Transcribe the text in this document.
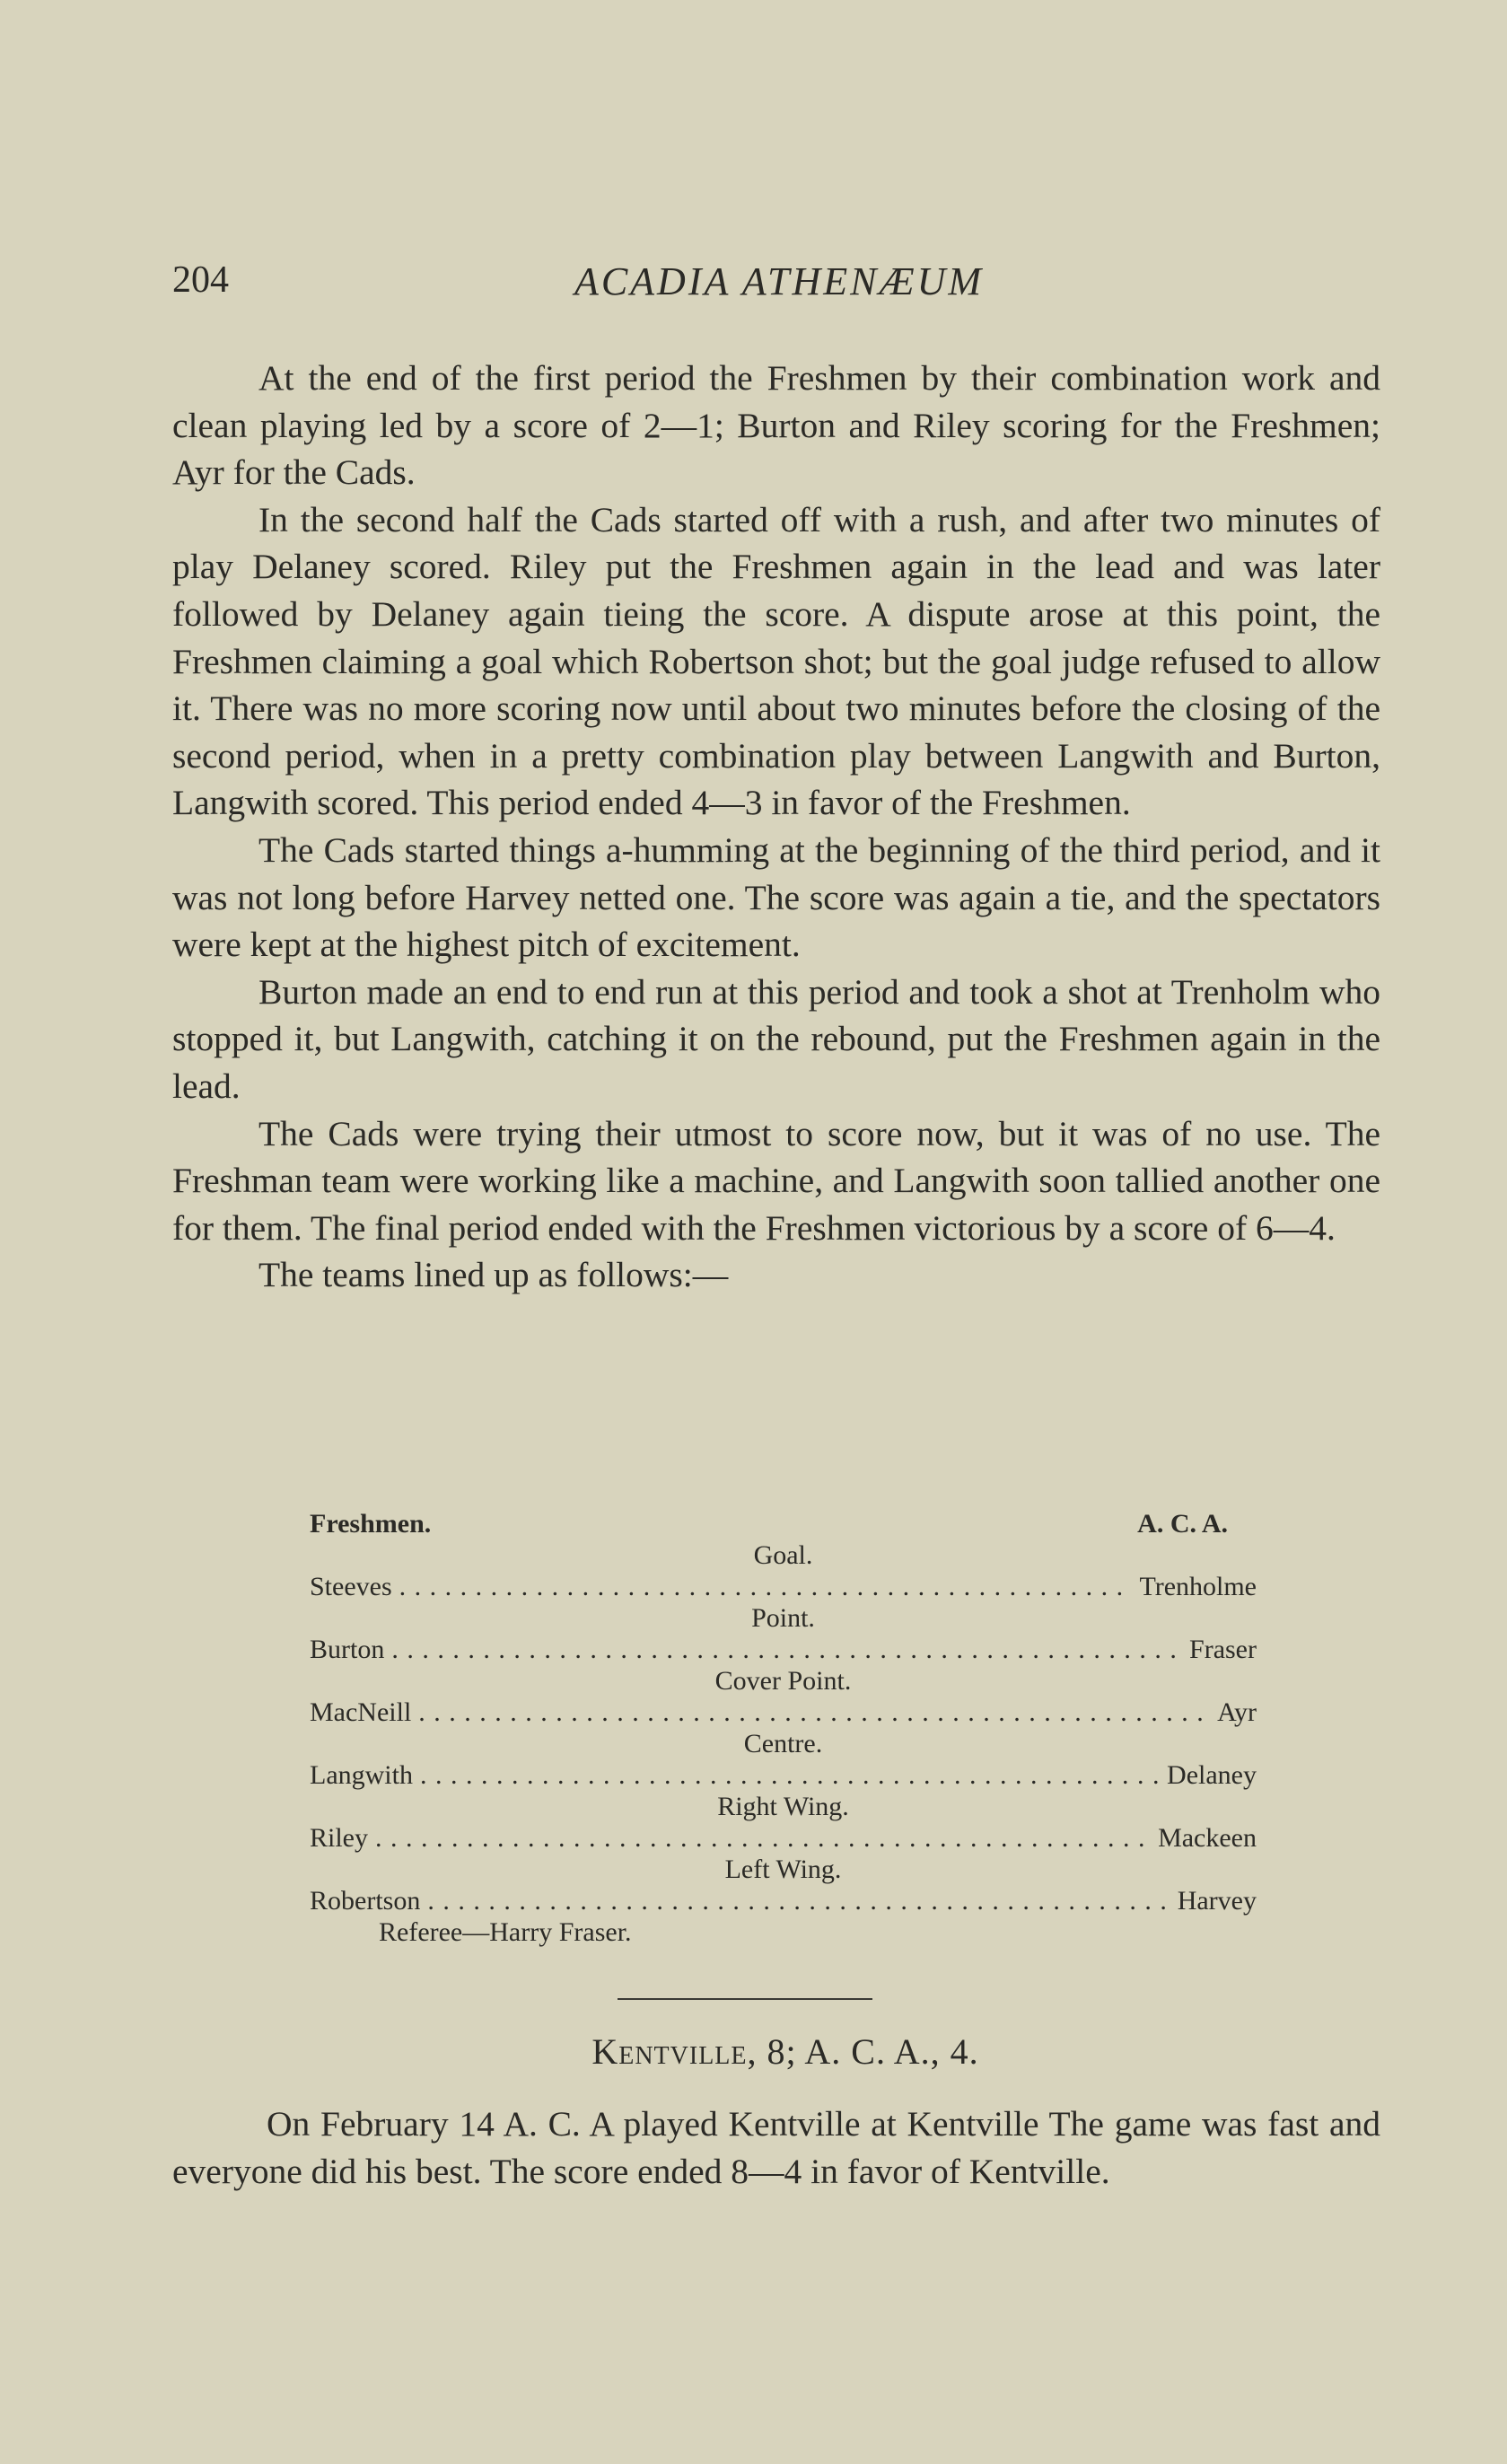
204	ACADIA ATHENÆUM

At the end of the first period the Freshmen by their combination work and clean playing led by a score of 2—1; Burton and Riley scoring for the Freshmen; Ayr for the Cads.

In the second half the Cads started off with a rush, and after two minutes of play Delaney scored. Riley put the Freshmen again in the lead and was later followed by Delaney again tieing the score. A dispute arose at this point, the Freshmen claiming a goal which Robertson shot; but the goal judge refused to allow it. There was no more scoring now until about two minutes before the closing of the second period, when in a pretty combination play between Langwith and Burton, Langwith scored. This period ended 4—3 in favor of the Freshmen.

The Cads started things a-humming at the beginning of the third period, and it was not long before Harvey netted one. The score was again a tie, and the spectators were kept at the highest pitch of excitement.

Burton made an end to end run at this period and took a shot at Trenholm who stopped it, but Langwith, catching it on the rebound, put the Freshmen again in the lead.

The Cads were trying their utmost to score now, but it was of no use. The Freshman team were working like a machine, and Langwith soon tallied another one for them. The final period ended with the Freshmen victorious by a score of 6—4.

The teams lined up as follows:—

Freshmen.	A. C. A.
Goal.
Steeves . . .	Trenholme
Point.
Burton . . .	Fraser
Cover Point.
MacNeill . . .	Ayr
Centre.
Langwith . . .	Delaney
Right Wing.
Riley . . .	Mackeen
Left Wing.
Robertson . . .	Harvey
Referee—Harry Fraser.
Kentville, 8; A. C. A., 4.

On February 14 A. C. A played Kentville at Kentville The game was fast and everyone did his best. The score ended 8—4 in favor of Kentville.
